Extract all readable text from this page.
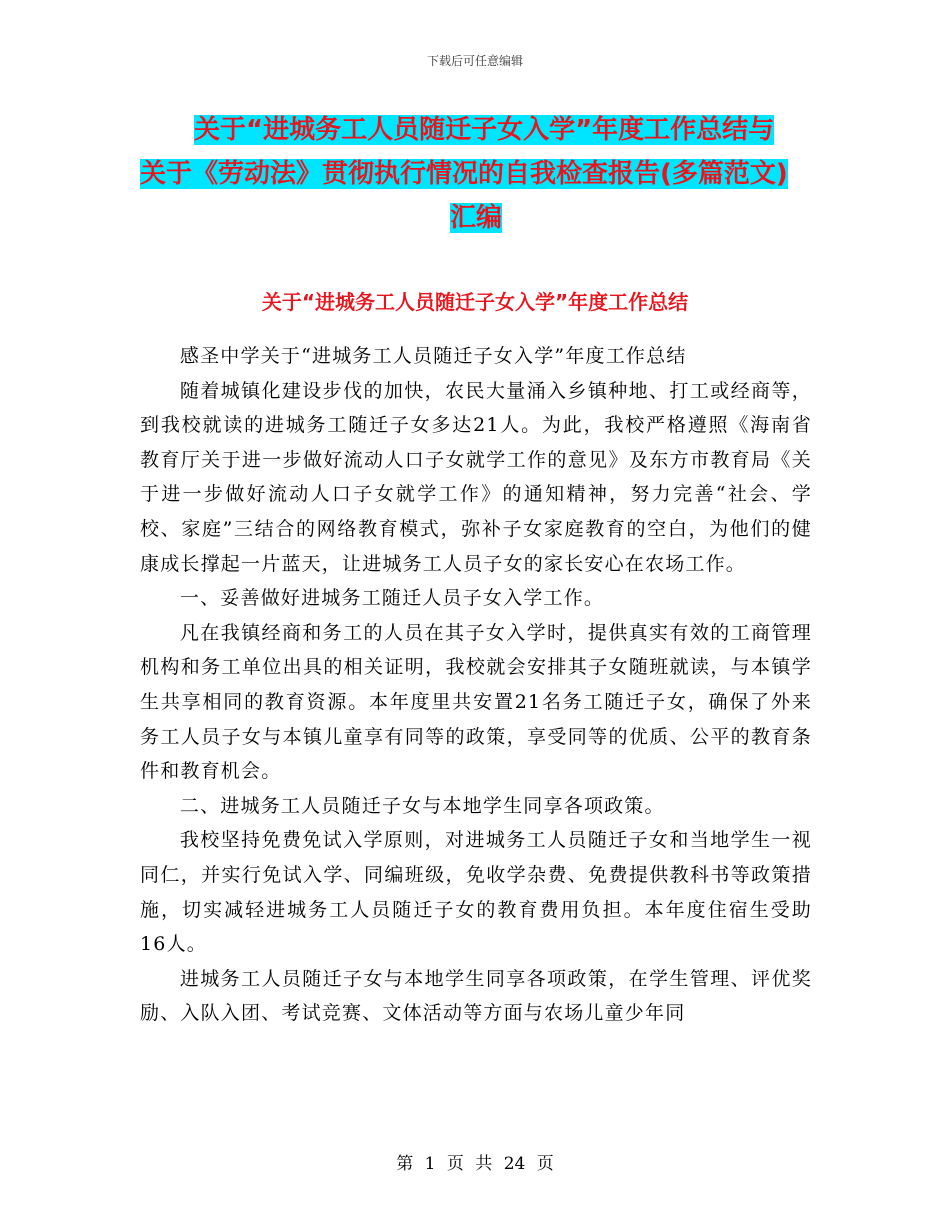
下载后可任意编辑
关于“进城务工人员随迁子女入学”年度工作总结与
关于《劳动法》贯彻执行情况的自我检查报告(多篇范文)
汇编
关于“进城务工人员随迁子女入学”年度工作总结

感圣中学关于“进城务工人员随迁子女入学”年度工作总结

随着城镇化建设步伐的加快，农民大量涌入乡镇种地、打工或经商等，到我校就读的进城务工随迁子女多达21人。为此，我校严格遵照《海南省教育厅关于进一步做好流动人口子女就学工作的意见》及东方市教育局《关于进一步做好流动人口子女就学工作》的通知精神，努力完善“社会、学校、家庭”三结合的网络教育模式，弥补子女家庭教育的空白，为他们的健康成长撑起一片蓝天，让进城务工人员子女的家长安心在农场工作。

一、妥善做好进城务工随迁人员子女入学工作。

凡在我镇经商和务工的人员在其子女入学时，提供真实有效的工商管理机构和务工单位出具的相关证明，我校就会安排其子女随班就读，与本镇学生共享相同的教育资源。本年度里共安置21名务工随迁子女，确保了外来务工人员子女与本镇儿童享有同等的政策，享受同等的优质、公平的教育条件和教育机会。

二、进城务工人员随迁子女与本地学生同享各项政策。

我校坚持免费免试入学原则，对进城务工人员随迁子女和当地学生一视同仁，并实行免试入学、同编班级，免收学杂费、免费提供教科书等政策措施，切实减轻进城务工人员随迁子女的教育费用负担。本年度住宿生受助16人。

进城务工人员随迁子女与本地学生同享各项政策，在学生管理、评优奖励、入队入团、考试竞赛、文体活动等方面与农场儿童少年同

第 1 页 共 24 页
